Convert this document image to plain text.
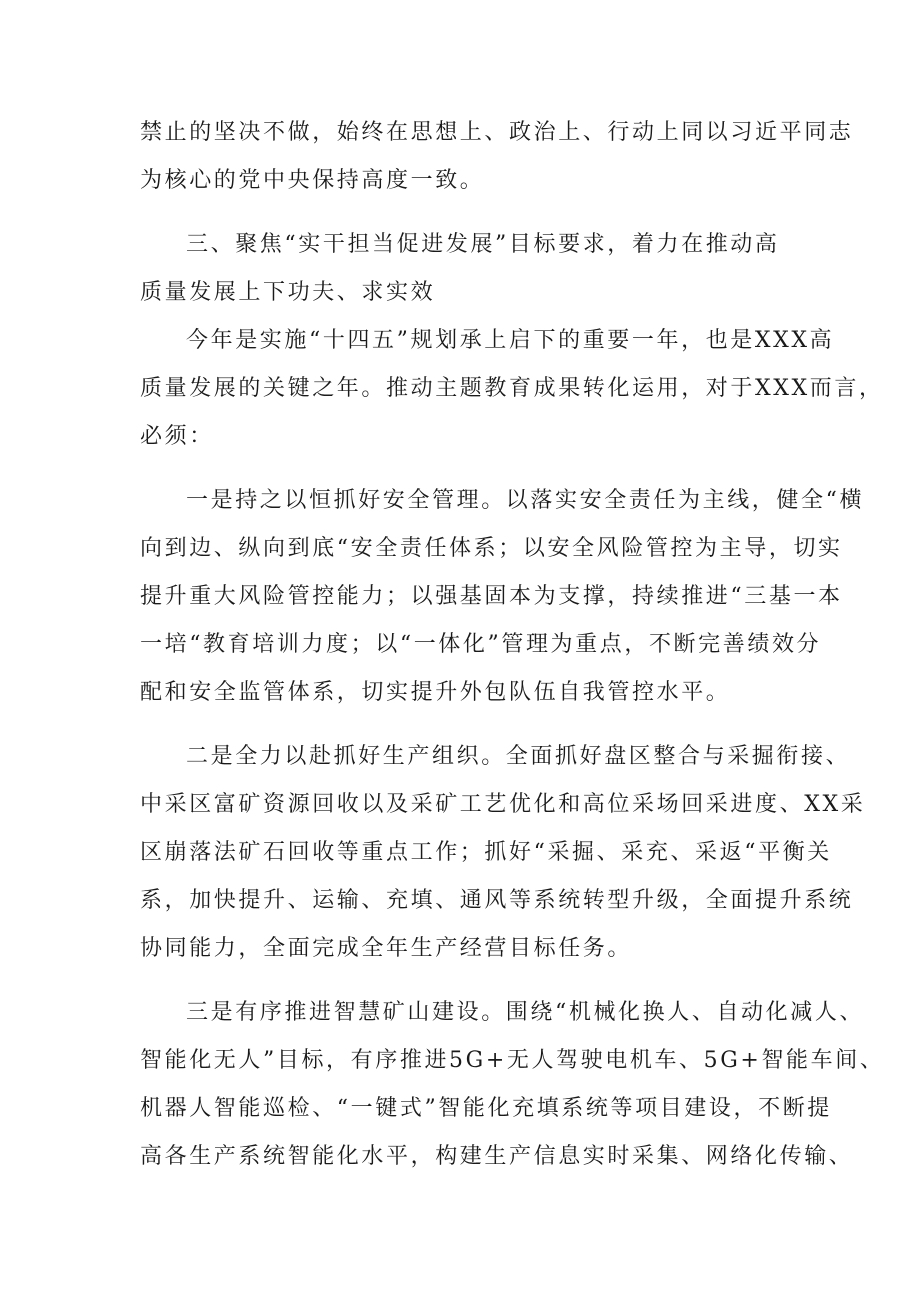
禁止的坚决不做，始终在思想上、政治上、行动上同以习近平同志
为核心的党中央保持高度一致。
三、聚焦“实干担当促进发展”目标要求，着力在推动高
质量发展上下功夫、求实效
今年是实施“十四五”规划承上启下的重要一年，也是XXX高
质量发展的关键之年。推动主题教育成果转化运用，对于XXX而言，
必须：
一是持之以恒抓好安全管理。以落实安全责任为主线，健全“横
向到边、纵向到底“安全责任体系；以安全风险管控为主导，切实
提升重大风险管控能力；以强基固本为支撑，持续推进“三基一本
一培“教育培训力度；以“一体化”管理为重点，不断完善绩效分
配和安全监管体系，切实提升外包队伍自我管控水平。
二是全力以赴抓好生产组织。全面抓好盘区整合与采掘衔接、
中采区富矿资源回收以及采矿工艺优化和高位采场回采进度、XX采
区崩落法矿石回收等重点工作；抓好“采掘、采充、采返“平衡关
系，加快提升、运输、充填、通风等系统转型升级，全面提升系统
协同能力，全面完成全年生产经营目标任务。
三是有序推进智慧矿山建设。围绕“机械化换人、自动化减人、
智能化无人”目标，有序推进5G+无人驾驶电机车、5G+智能车间、
机器人智能巡检、“一键式”智能化充填系统等项目建设，不断提
高各生产系统智能化水平，构建生产信息实时采集、网络化传输、
